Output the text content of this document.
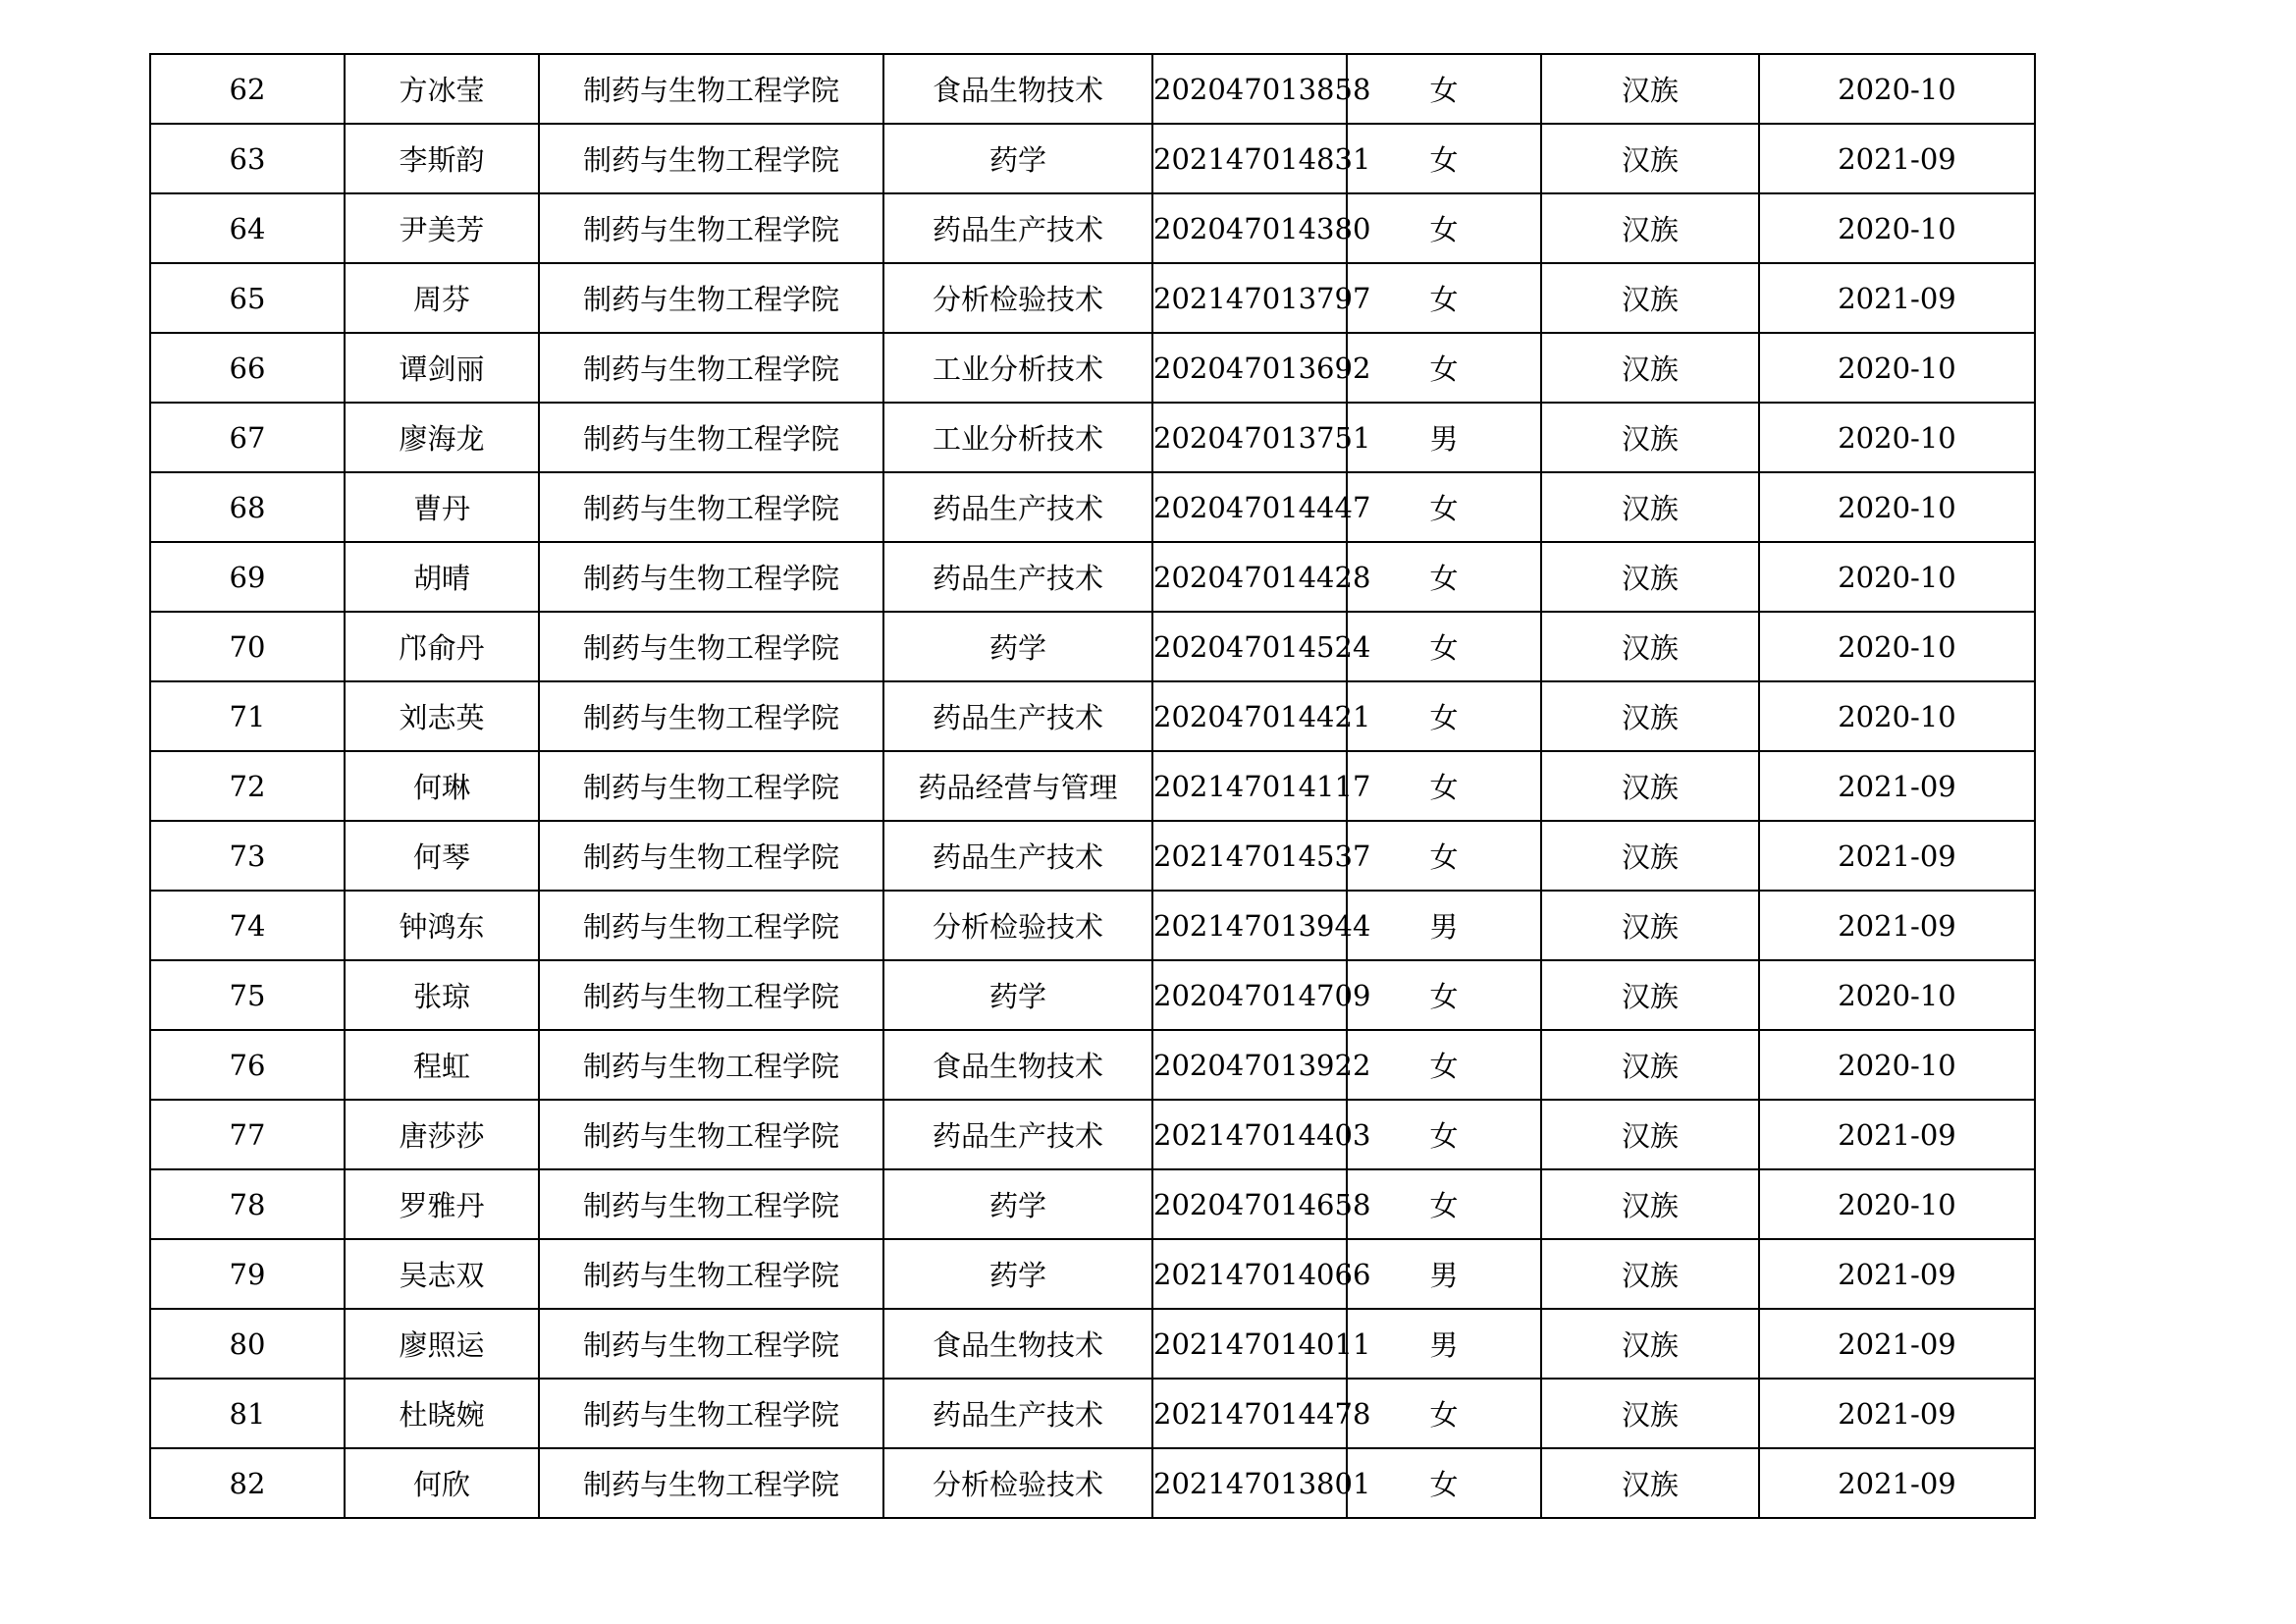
62	方冰莹	制药与生物工程学院	食品生物技术	202047013858	女	汉族	2020-10
63	李斯韵	制药与生物工程学院	药学	202147014831	女	汉族	2021-09
64	尹美芳	制药与生物工程学院	药品生产技术	202047014380	女	汉族	2020-10
65	周芬	制药与生物工程学院	分析检验技术	202147013797	女	汉族	2021-09
66	谭剑丽	制药与生物工程学院	工业分析技术	202047013692	女	汉族	2020-10
67	廖海龙	制药与生物工程学院	工业分析技术	202047013751	男	汉族	2020-10
68	曹丹	制药与生物工程学院	药品生产技术	202047014447	女	汉族	2020-10
69	胡晴	制药与生物工程学院	药品生产技术	202047014428	女	汉族	2020-10
70	邝俞丹	制药与生物工程学院	药学	202047014524	女	汉族	2020-10
71	刘志英	制药与生物工程学院	药品生产技术	202047014421	女	汉族	2020-10
72	何琳	制药与生物工程学院	药品经营与管理	202147014117	女	汉族	2021-09
73	何琴	制药与生物工程学院	药品生产技术	202147014537	女	汉族	2021-09
74	钟鸿东	制药与生物工程学院	分析检验技术	202147013944	男	汉族	2021-09
75	张琼	制药与生物工程学院	药学	202047014709	女	汉族	2020-10
76	程虹	制药与生物工程学院	食品生物技术	202047013922	女	汉族	2020-10
77	唐莎莎	制药与生物工程学院	药品生产技术	202147014403	女	汉族	2021-09
78	罗雅丹	制药与生物工程学院	药学	202047014658	女	汉族	2020-10
79	吴志双	制药与生物工程学院	药学	202147014066	男	汉族	2021-09
80	廖照运	制药与生物工程学院	食品生物技术	202147014011	男	汉族	2021-09
81	杜晓婉	制药与生物工程学院	药品生产技术	202147014478	女	汉族	2021-09
82	何欣	制药与生物工程学院	分析检验技术	202147013801	女	汉族	2021-09
